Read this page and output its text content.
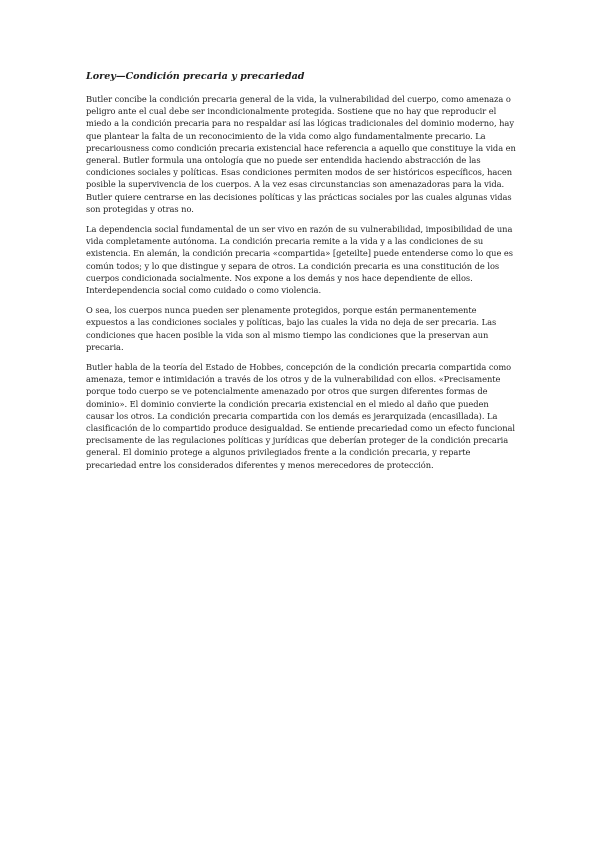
Lorey—Condición precaria y precariedad

Butler concibe la condición precaria general de la vida, la vulnerabilidad del cuerpo, como amenaza o peligro ante el cual debe ser incondicionalmente protegida. Sostiene que no hay que reproducir el miedo a la condición precaria para no respaldar así las lógicas tradicionales del dominio moderno, hay que plantear la falta de un reconocimiento de la vida como algo fundamentalmente precario. La precariousness como condición precaria existencial hace referencia a aquello que constituye la vida en general. Butler formula una ontología que no puede ser entendida haciendo abstracción de las condiciones sociales y políticas. Esas condiciones permiten modos de ser históricos específicos, hacen posible la supervivencia de los cuerpos. A la vez esas circunstancias son amenazadoras para la vida. Butler quiere centrarse en las decisiones políticas y las prácticas sociales por las cuales algunas vidas son protegidas y otras no.

La dependencia social fundamental de un ser vivo en razón de su vulnerabilidad, imposibilidad de una vida completamente autónoma. La condición precaria remite a la vida y a las condiciones de su existencia. En alemán, la condición precaria «compartida» [geteilte] puede entenderse como lo que es común todos; y lo que distingue y separa de otros. La condición precaria es una constitución de los cuerpos condicionada socialmente. Nos expone a los demás y nos hace dependiente de ellos. Interdependencia social como cuidado o como violencia.

O sea, los cuerpos nunca pueden ser plenamente protegidos, porque están permanentemente expuestos a las condiciones sociales y políticas, bajo las cuales la vida no deja de ser precaria. Las condiciones que hacen posible la vida son al mismo tiempo las condiciones que la preservan aun precaria.

Butler habla de la teoría del Estado de Hobbes, concepción de la condición precaria compartida como amenaza, temor e intimidación a través de los otros y de la vulnerabilidad con ellos. «Precisamente porque todo cuerpo se ve potencialmente amenazado por otros que surgen diferentes formas de dominio». El dominio convierte la condición precaria existencial en el miedo al daño que pueden causar los otros. La condición precaria compartida con los demás es jerarquizada (encasillada). La clasificación de lo compartido produce desigualdad. Se entiende precariedad como un efecto funcional precisamente de las regulaciones políticas y jurídicas que deberían proteger de la condición precaria general. El dominio protege a algunos privilegiados frente a la condición precaria, y reparte precariedad entre los considerados diferentes y menos merecedores de protección.
